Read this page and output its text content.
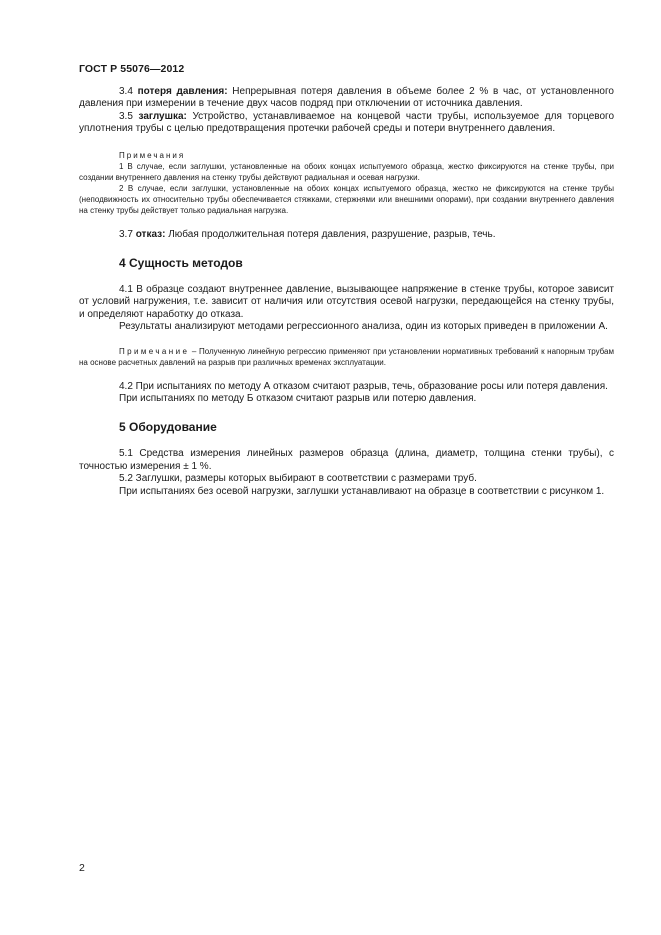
ГОСТ Р 55076—2012

3.4 потеря давления: Непрерывная потеря давления в объеме более 2 % в час, от установленного давления при измерении в течение двух часов подряд при отключении от источника давления.

3.5 заглушка: Устройство, устанавливаемое на концевой части трубы, используемое для торцевого уплотнения трубы с целью предотвращения протечки рабочей среды и потери внутреннего давления.

Примечания

1 В случае, если заглушки, установленные на обоих концах испытуемого образца, жестко фиксируются на стенке трубы, при создании внутреннего давления на стенку трубы действуют радиальная и осевая нагрузки.

2 В случае, если заглушки, установленные на обоих концах испытуемого образца, жестко не фиксируются на стенке трубы (неподвижность их относительно трубы обеспечивается стяжками, стержнями или внешними опорами), при создании внутреннего давления на стенку трубы действует только радиальная нагрузка.

3.7 отказ: Любая продолжительная потеря давления, разрушение, разрыв, течь.

4 Сущность методов

4.1 В образце создают внутреннее давление, вызывающее напряжение в стенке трубы, которое зависит от условий нагружения, т.е. зависит от наличия или отсутствия осевой нагрузки, передающейся на стенку трубы, и определяют наработку до отказа.

Результаты анализируют методами регрессионного анализа, один из которых приведен в приложении А.

Примечание – Полученную линейную регрессию применяют при установлении нормативных требований к напорным трубам на основе расчетных давлений на разрыв при различных временах эксплуатации.

4.2 При испытаниях по методу А отказом считают разрыв, течь, образование росы или потеря давления.

При испытаниях по методу Б отказом считают разрыв или потерю давления.

5 Оборудование

5.1 Средства измерения линейных размеров образца (длина, диаметр, толщина стенки трубы), с точностью измерения ± 1 %.

5.2 Заглушки, размеры которых выбирают в соответствии с размерами труб.

При испытаниях без осевой нагрузки, заглушки устанавливают на образце в соответствии с рисунком 1.

2
